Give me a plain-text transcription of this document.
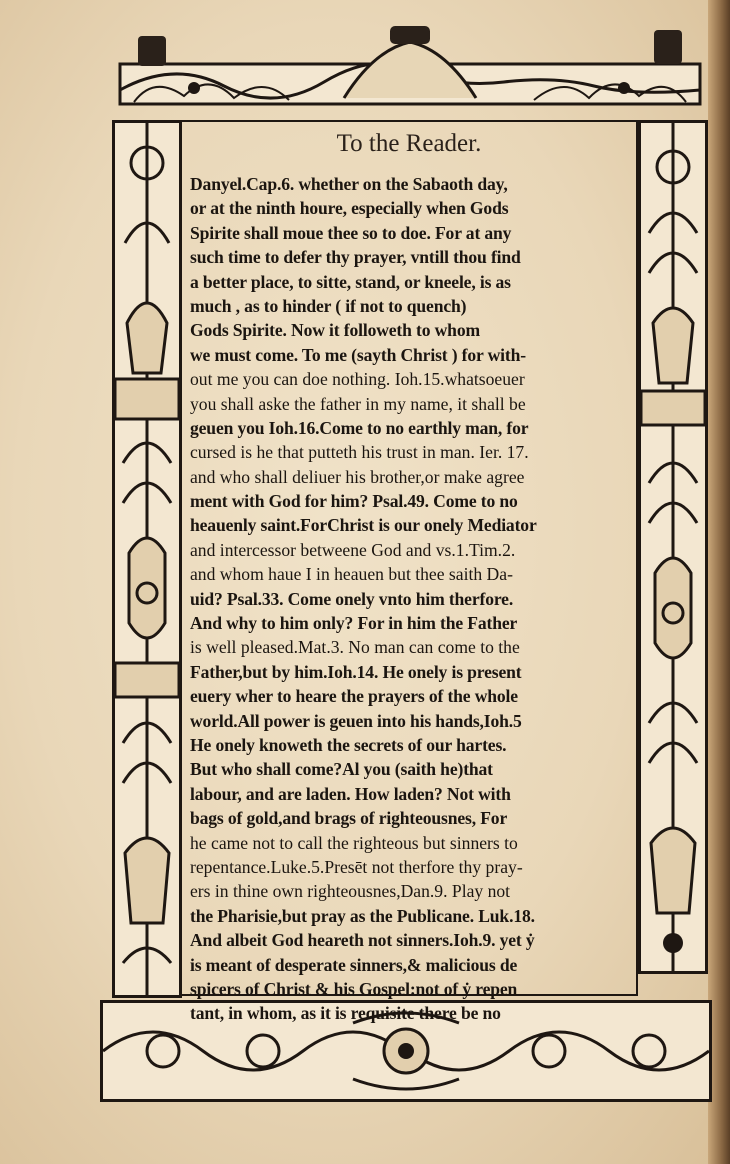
To the Reader.
Danyel.Cap.6. whether on the Sabaoth day,
or at the ninth houre, especially when Gods
Spirite shall moue thee so to doe. For at any
such time to defer thy prayer, vntill thou find
a better place, to sitte, stand, or kneele, is as
much , as to hinder ( if not to quench)
Gods Spirite. Now it followeth to whom
we must come. To me (sayth Christ ) for with-
out me you can doe nothing. Ioh.15.whatsoeuer
you shall aske the father in my name, it shall be
geuen you Ioh.16.Come to no earthly man, for
cursed is he that putteth his trust in man. Ier. 17.
and who shall deliuer his brother,or make agree
ment with God for him? Psal.49. Come to no
heauenly saint.ForChrist is our onely Mediator
and intercessor betweene God and vs.1.Tim.2.
and whom haue I in heauen but thee saith Da-
uid? Psal.33. Come onely vnto him therfore.
And why to him only? For in him the Father
is well pleased.Mat.3. No man can come to the
Father,but by him.Ioh.14. He onely is present
euery wher to heare the prayers of the whole
world.All power is geuen into his hands,Ioh.5
He onely knoweth the secrets of our hartes.
But who shall come?Al you (saith he)that
labour, and are laden. How laden? Not with
bags of gold,and brags of righteousnes, For
he came not to call the righteous but sinners to
repentance.Luke.5.Presēt not therfore thy pray-
ers in thine own righteousnes,Dan.9. Play not
the Pharisie,but pray as the Publicane. Luk.18.
And albeit God heareth not sinners.Ioh.9. yet ẏ
is meant of desperate sinners,& malicious de
spicers of Christ & his Gospel:not of ẏ repen
tant, in whom, as it is requisite there be no
